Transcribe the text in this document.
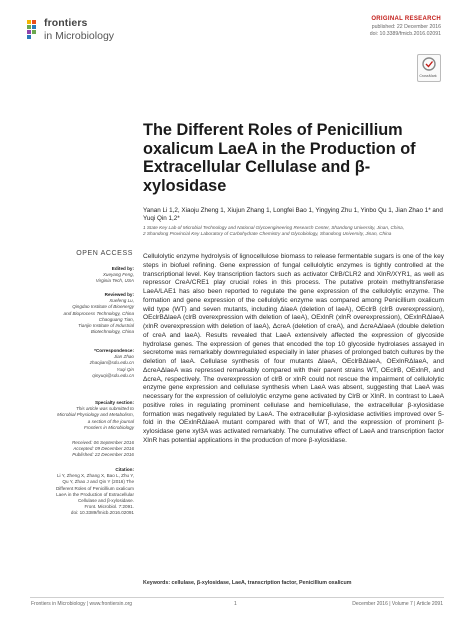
frontiers
in Microbiology
ORIGINAL RESEARCH
published: 22 December 2016
doi: 10.3389/fmicb.2016.02091
CrossMark
The Different Roles of Penicillium oxalicum LaeA in the Production of Extracellular Cellulase and β-xylosidase
Yanan Li 1,2, Xiaoju Zheng 1, Xiujun Zhang 1, Longfei Bao 1, Yingying Zhu 1, Yinbo Qu 1, Jian Zhao 1* and Yuqi Qin 1,2*
1 State Key Lab of Microbial Technology and National Glycoengineering Research Center, Shandong University, Jinan, China,
2 Shandong Provincial Key Laboratory of Carbohydrate Chemistry and Glycobiology, Shandong University, Jinan, China
OPEN ACCESS
Edited by:
Xueyang Feng,
Virginia Tech, USA
Reviewed by:
Xuefeng Lu,
Qingdao Institute of Bioenergy
and Bioprocess Technology, China
Chaoguang Tian,
Tianjin Institute of Industrial
Biotechnology, China
*Correspondence:
Jian Zhao
zhaojian@sdu.edu.cn
Yuqi Qin
qinyuqi@sdu.edu.cn
Specialty section:
This article was submitted to
Microbial Physiology and Metabolism,
a section of the journal
Frontiers in Microbiology
Received: 06 September 2016
Accepted: 09 December 2016
Published: 22 December 2016
Citation:
Li Y, Zheng X, Zhang X, Bao L, Zhu Y,
Qu Y, Zhao J and Qin Y (2016) The
Different Roles of Penicillium oxalicum
LaeA in the Production of Extracellular
Cellulase and β-xylosidase.
Front. Microbiol. 7:2091.
doi: 10.3389/fmicb.2016.02091
Cellulolytic enzyme hydrolysis of lignocellulose biomass to release fermentable sugars is one of the key steps in biofuel refining. Gene expression of fungal cellulolytic enzymes is tightly controlled at the transcriptional level. Key transcription factors such as activator ClrB/CLR2 and XlnR/XYR1, as well as repressor CreA/CRE1 play crucial roles in this process. The putative protein methyltransferase LaeA/LAE1 has also been reported to regulate the gene expression of the cellulolytic enzyme. The formation and gene expression of the cellulolytic enzyme was compared among Penicillium oxalicum wild type (WT) and seven mutants, including ΔlaeA (deletion of laeA), OEclrB (clrB overexpression), OEclrBΔlaeA (clrB overexpression with deletion of laeA), OExlnR (xlnR overexpression), OExlnRΔlaeA (xlnR overexpression with deletion of laeA), ΔcreA (deletion of creA), and ΔcreAΔlaeA (double deletion of creA and laeA). Results revealed that LaeA extensively affected the expression of glycoside hydrolase genes. The expression of genes that encoded the top 10 glycoside hydrolases assayed in secretome was remarkably downregulated especially in later phases of prolonged batch cultures by the deletion of laeA. Cellulase synthesis of four mutants ΔlaeA, OEclrBΔlaeA, OExlnRΔlaeA, and ΔcreAΔlaeA was repressed remarkably compared with their parent strains WT, OEclrB, OExlnR, and ΔcreA, respectively. The overexpression of clrB or xlnR could not rescue the impairment of cellulolytic enzyme gene expression and cellulase synthesis when LaeA was absent, suggesting that LaeA was necessary for the expression of cellulolytic enzyme gene activated by ClrB or XlnR. In contrast to LaeA positive roles in regulating prominent cellulase and hemicellulase, the extracellular β-xylosidase formation was negatively regulated by LaeA. The extracellular β-xylosidase activities improved over 5-fold in the OExlnRΔlaeA mutant compared with that of WT, and the expression of prominent β-xylosidase gene xyl3A was activated remarkably. The cumulative effect of LaeA and transcription factor XlnR has potential applications in the production of more β-xylosidase.
Keywords: cellulase, β-xylosidase, LaeA, transcription factor, Penicillium oxalicum
Frontiers in Microbiology | www.frontiersin.org	1	December 2016 | Volume 7 | Article 2091
